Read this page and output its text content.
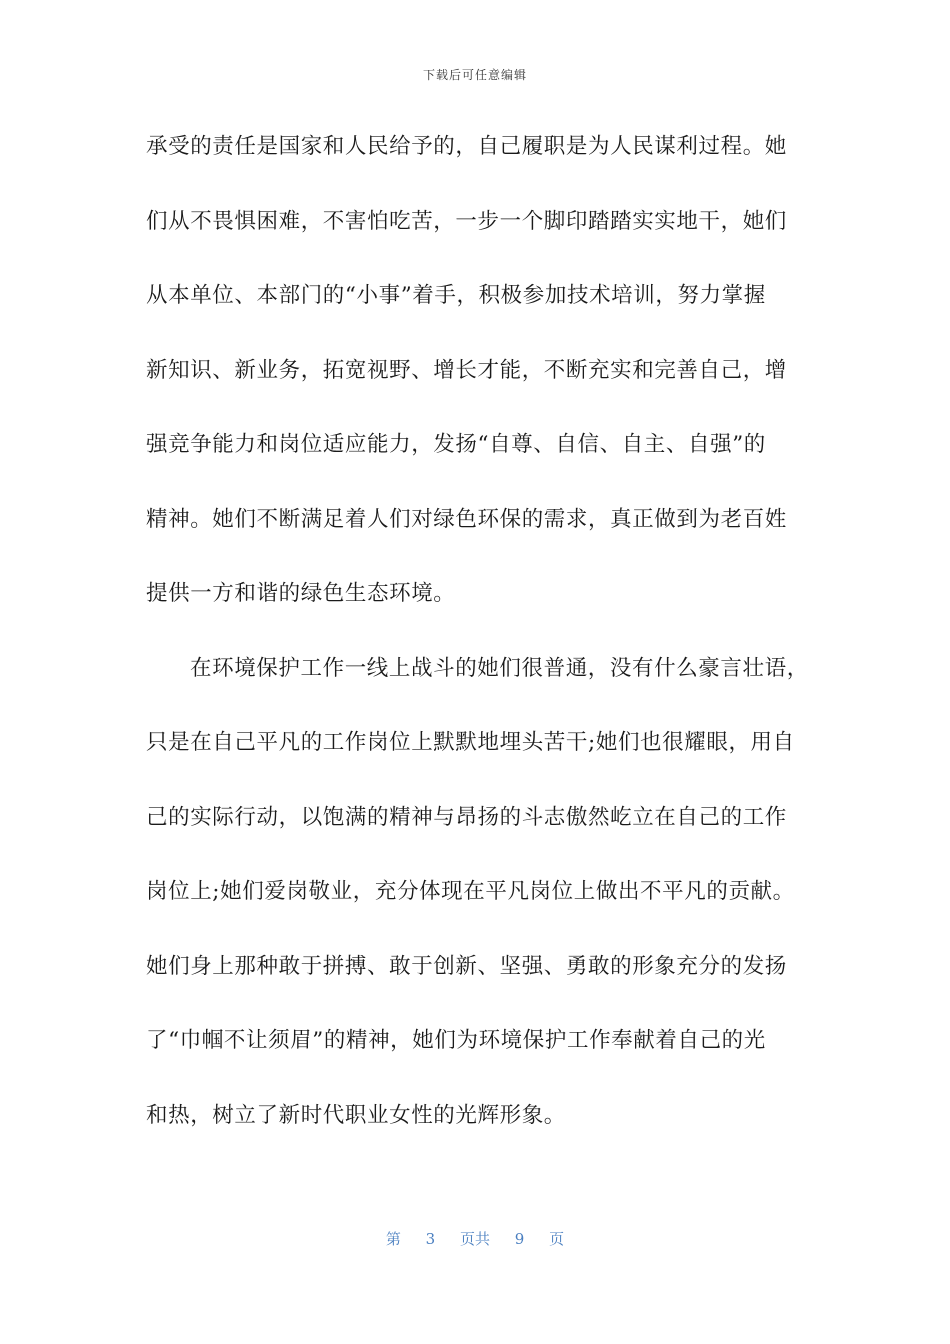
下载后可任意编辑
承受的责任是国家和人民给予的，自己履职是为人民谋利过程。她
们从不畏惧困难，不害怕吃苦，一步一个脚印踏踏实实地干，她们
从本单位、本部门的“小事”着手，积极参加技术培训，努力掌握
新知识、新业务，拓宽视野、增长才能，不断充实和完善自己，增
强竞争能力和岗位适应能力，发扬“自尊、自信、自主、自强”的
精神。她们不断满足着人们对绿色环保的需求，真正做到为老百姓
提供一方和谐的绿色生态环境。
在环境保护工作一线上战斗的她们很普通，没有什么豪言壮语，
只是在自己平凡的工作岗位上默默地埋头苦干;她们也很耀眼，用自
己的实际行动，以饱满的精神与昂扬的斗志傲然屹立在自己的工作
岗位上;她们爱岗敬业，充分体现在平凡岗位上做出不平凡的贡献。
她们身上那种敢于拼搏、敢于创新、坚强、勇敢的形象充分的发扬
了“巾帼不让须眉”的精神，她们为环境保护工作奉献着自己的光
和热，树立了新时代职业女性的光辉形象。
第 3 页共 9 页
